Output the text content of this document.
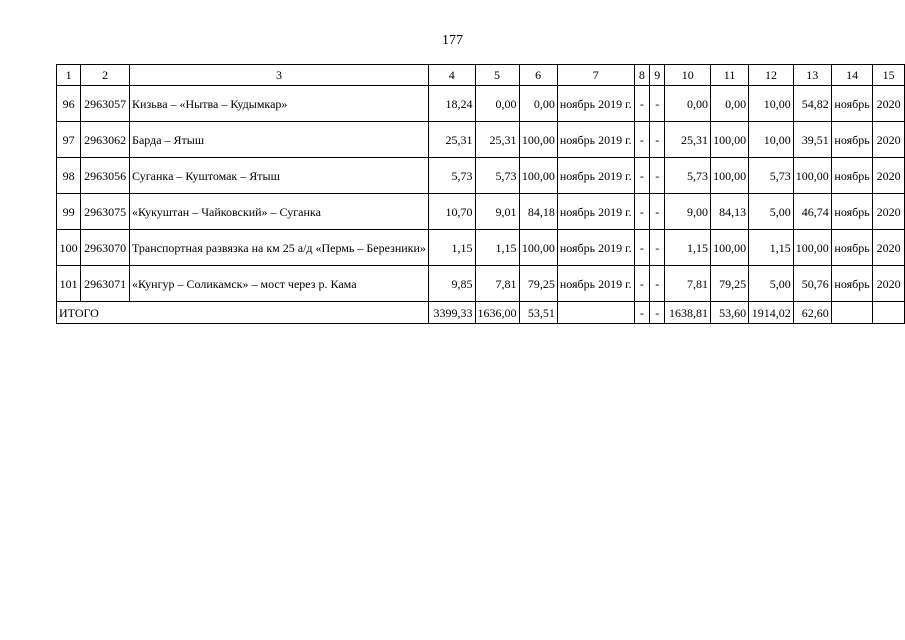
177
1	2	3	4	5	6	7	8	9	10	11	12	13	14	15
96	2963057	Кизьва – «Нытва – Кудымкар»	18,24	0,00	0,00	ноябрь 2019 г.	-	-	0,00	0,00	10,00	54,82	ноябрь	2020
97	2963062	Барда – Ятыш	25,31	25,31	100,00	ноябрь 2019 г.	-	-	25,31	100,00	10,00	39,51	ноябрь	2020
98	2963056	Суганка – Куштомак – Ятыш	5,73	5,73	100,00	ноябрь 2019 г.	-	-	5,73	100,00	5,73	100,00	ноябрь	2020
99	2963075	«Кукуштан – Чайковский» – Суганка	10,70	9,01	84,18	ноябрь 2019 г.	-	-	9,00	84,13	5,00	46,74	ноябрь	2020
100	2963070	Транспортная развязка на км 25 а/д «Пермь – Березники»	1,15	1,15	100,00	ноябрь 2019 г.	-	-	1,15	100,00	1,15	100,00	ноябрь	2020
101	2963071	«Кунгур – Соликамск» – мост через р. Кама	9,85	7,81	79,25	ноябрь 2019 г.	-	-	7,81	79,25	5,00	50,76	ноябрь	2020
ИТОГО			3399,33	1636,00	53,51		-	-	1638,81	53,60	1914,02	62,60		
